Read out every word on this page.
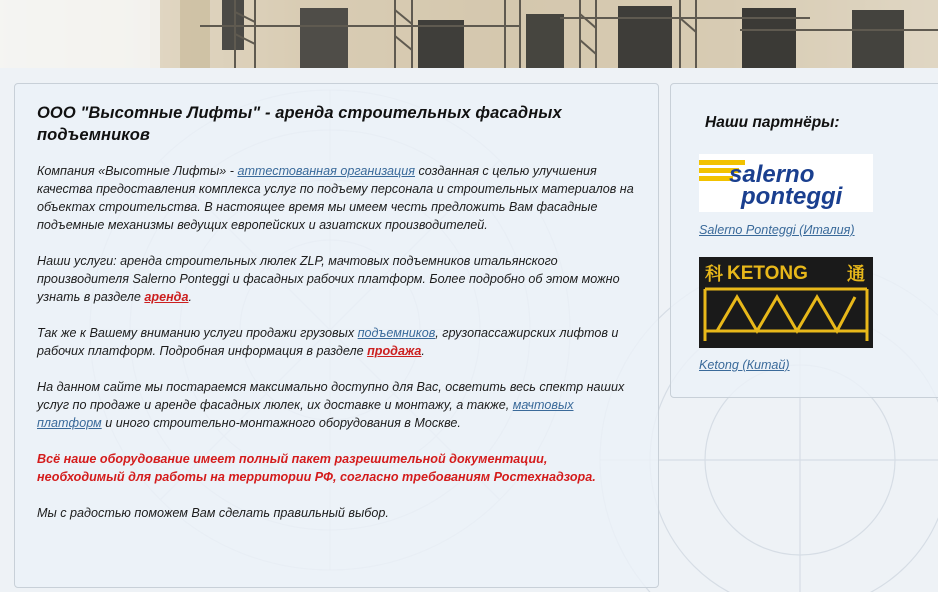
ООО "Высотные Лифты" - аренда строительных фасадных подъемников

Компания «Высотные Лифты» - аттестованная организация созданная с целью улучшения качества предоставления комплекса услуг по подъему персонала и строительных материалов на объектах строительства. В настоящее время мы имеем честь предложить Вам фасадные подъемные механизмы ведущих европейских и азиатских производителей.

Наши услуги: аренда строительных люлек ZLP, мачтовых подъемников итальянского производителя Salerno Ponteggi и фасадных рабочих платформ. Более подробно об этом можно узнать в разделе аренда.

Так же к Вашему вниманию услуги продажи грузовых подъемников, грузопассажирских лифтов и рабочих платформ. Подробная информация в разделе продажа.

На данном сайте мы постараемся максимально доступно для Вас, осветить весь спектр наших услуг по продаже и аренде фасадных люлек, их доставке и монтажу, а также, мачтовых платформ и иного строительно-монтажного оборудования в Москве.

Всё наше оборудование имеет полный пакет разрешительной документации, необходимый для работы на территории РФ, согласно требованиям Ростехнадзора.

Мы с радостью поможем Вам сделать правильный выбор.

Наши партнёры:
salerno
ponteggi
Salerno Ponteggi (Италия)
科 KETONG 通
Ketong (Китай)
